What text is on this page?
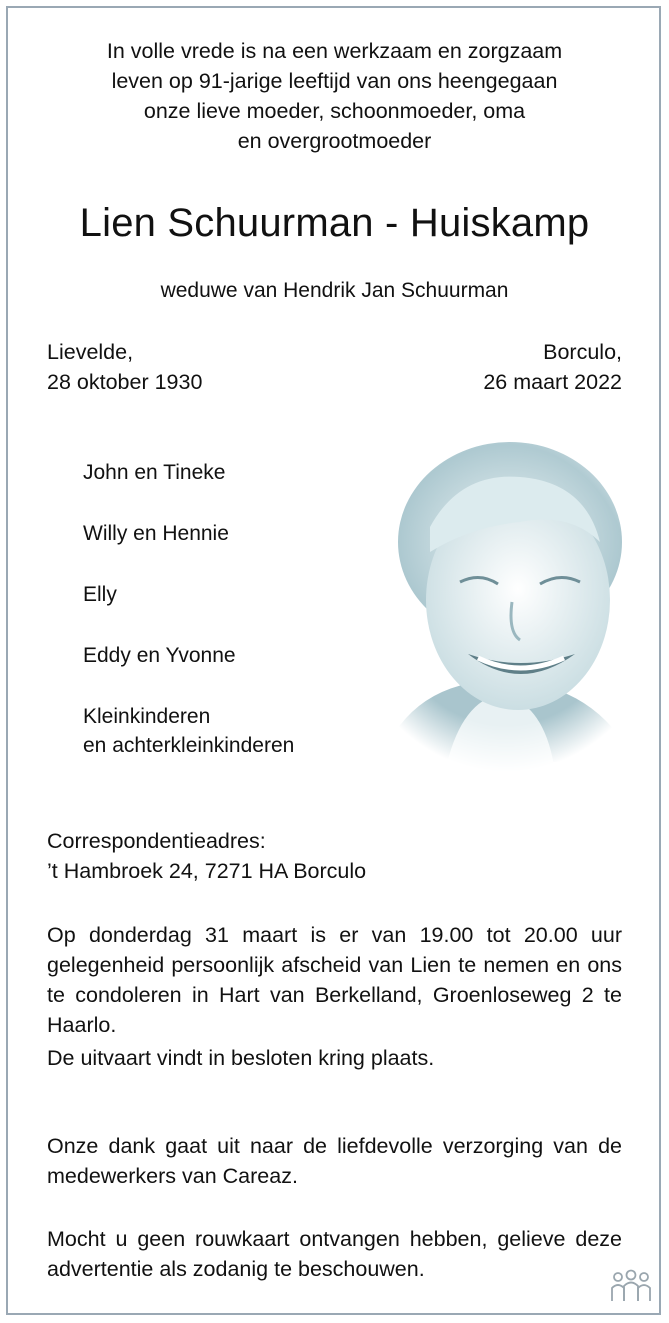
In volle vrede is na een werkzaam en zorgzaam
leven op 91-jarige leeftijd van ons heengegaan
onze lieve moeder, schoonmoeder, oma
en overgrootmoeder
Lien Schuurman - Huiskamp
weduwe van Hendrik Jan Schuurman
Lievelde,
28 oktober 1930
Borculo,
26 maart 2022
John en Tineke
Willy en Hennie
Elly
Eddy en Yvonne
Kleinkinderen
en achterkleinkinderen
Correspondentieadres:
’t Hambroek 24, 7271 HA Borculo
Op donderdag 31 maart is er van 19.00 tot 20.00 uur gelegenheid persoonlijk afscheid van Lien te nemen en ons te condoleren in Hart van Berkelland, Groenloseweg 2 te Haarlo.
De uitvaart vindt in besloten kring plaats.
Onze dank gaat uit naar de liefdevolle verzorging van de medewerkers van Careaz.
Mocht u geen rouwkaart ontvangen hebben, gelieve deze advertentie als zodanig te beschouwen.
